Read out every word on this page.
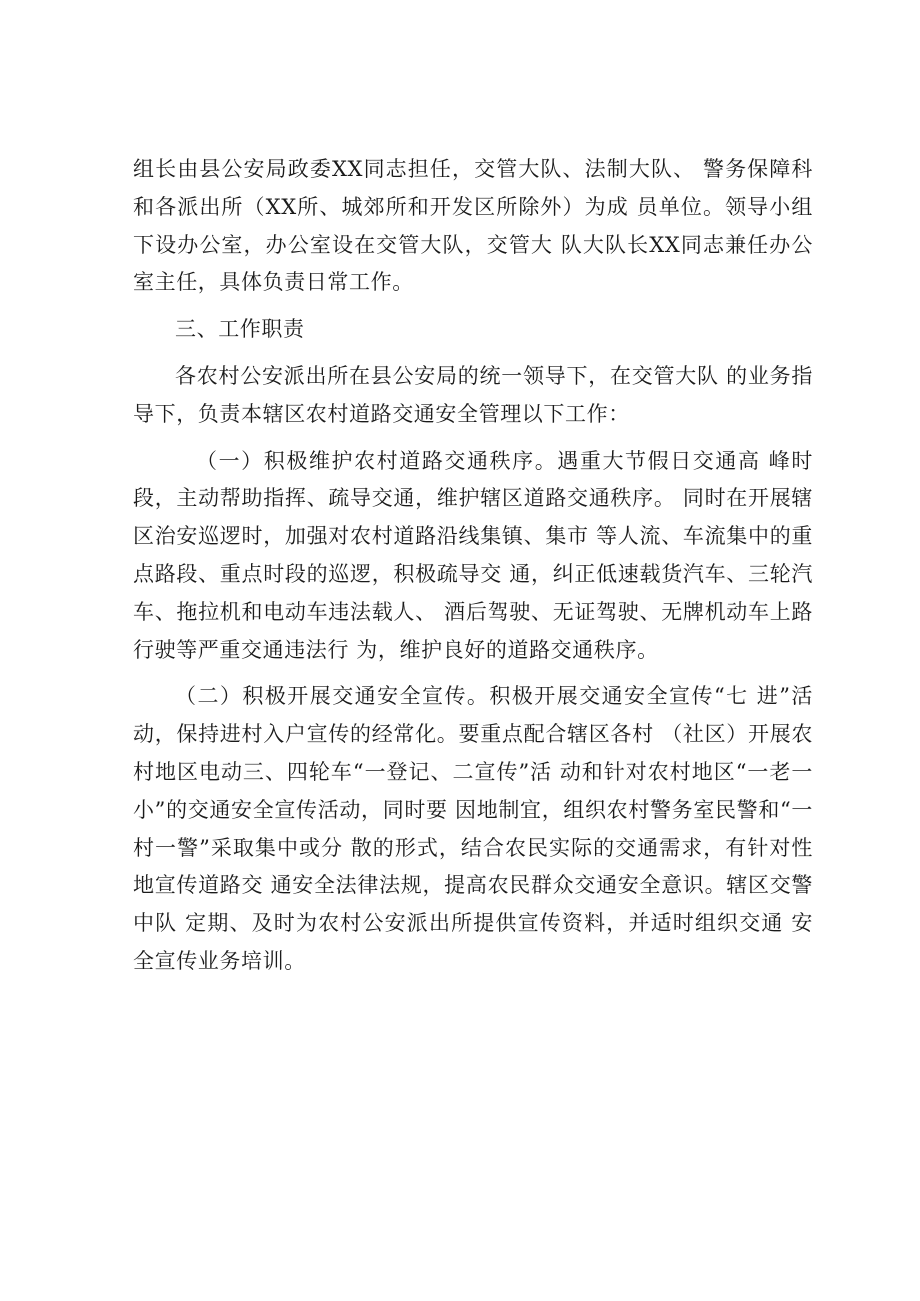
组长由县公安局政委XX同志担任，交管大队、法制大队、 警务保障科和各派出所（XX所、城郊所和开发区所除外）为成 员单位。领导小组下设办公室，办公室设在交管大队，交管大 队大队长XX同志兼任办公室主任，具体负责日常工作。

三、工作职责

各农村公安派出所在县公安局的统一领导下，在交管大队 的业务指导下，负责本辖区农村道路交通安全管理以下工作：

（一）积极维护农村道路交通秩序。遇重大节假日交通高 峰时段，主动帮助指挥、疏导交通，维护辖区道路交通秩序。 同时在开展辖区治安巡逻时，加强对农村道路沿线集镇、集市 等人流、车流集中的重点路段、重点时段的巡逻，积极疏导交 通，纠正低速载货汽车、三轮汽车、拖拉机和电动车违法载人、 酒后驾驶、无证驾驶、无牌机动车上路行驶等严重交通违法行 为，维护良好的道路交通秩序。

（二）积极开展交通安全宣传。积极开展交通安全宣传“七 进”活动，保持进村入户宣传的经常化。要重点配合辖区各村 （社区）开展农村地区电动三、四轮车“一登记、二宣传”活 动和针对农村地区“一老一小”的交通安全宣传活动，同时要 因地制宜，组织农村警务室民警和“一村一警”采取集中或分 散的形式，结合农民实际的交通需求，有针对性地宣传道路交 通安全法律法规，提高农民群众交通安全意识。辖区交警中队 定期、及时为农村公安派出所提供宣传资料，并适时组织交通 安全宣传业务培训。
